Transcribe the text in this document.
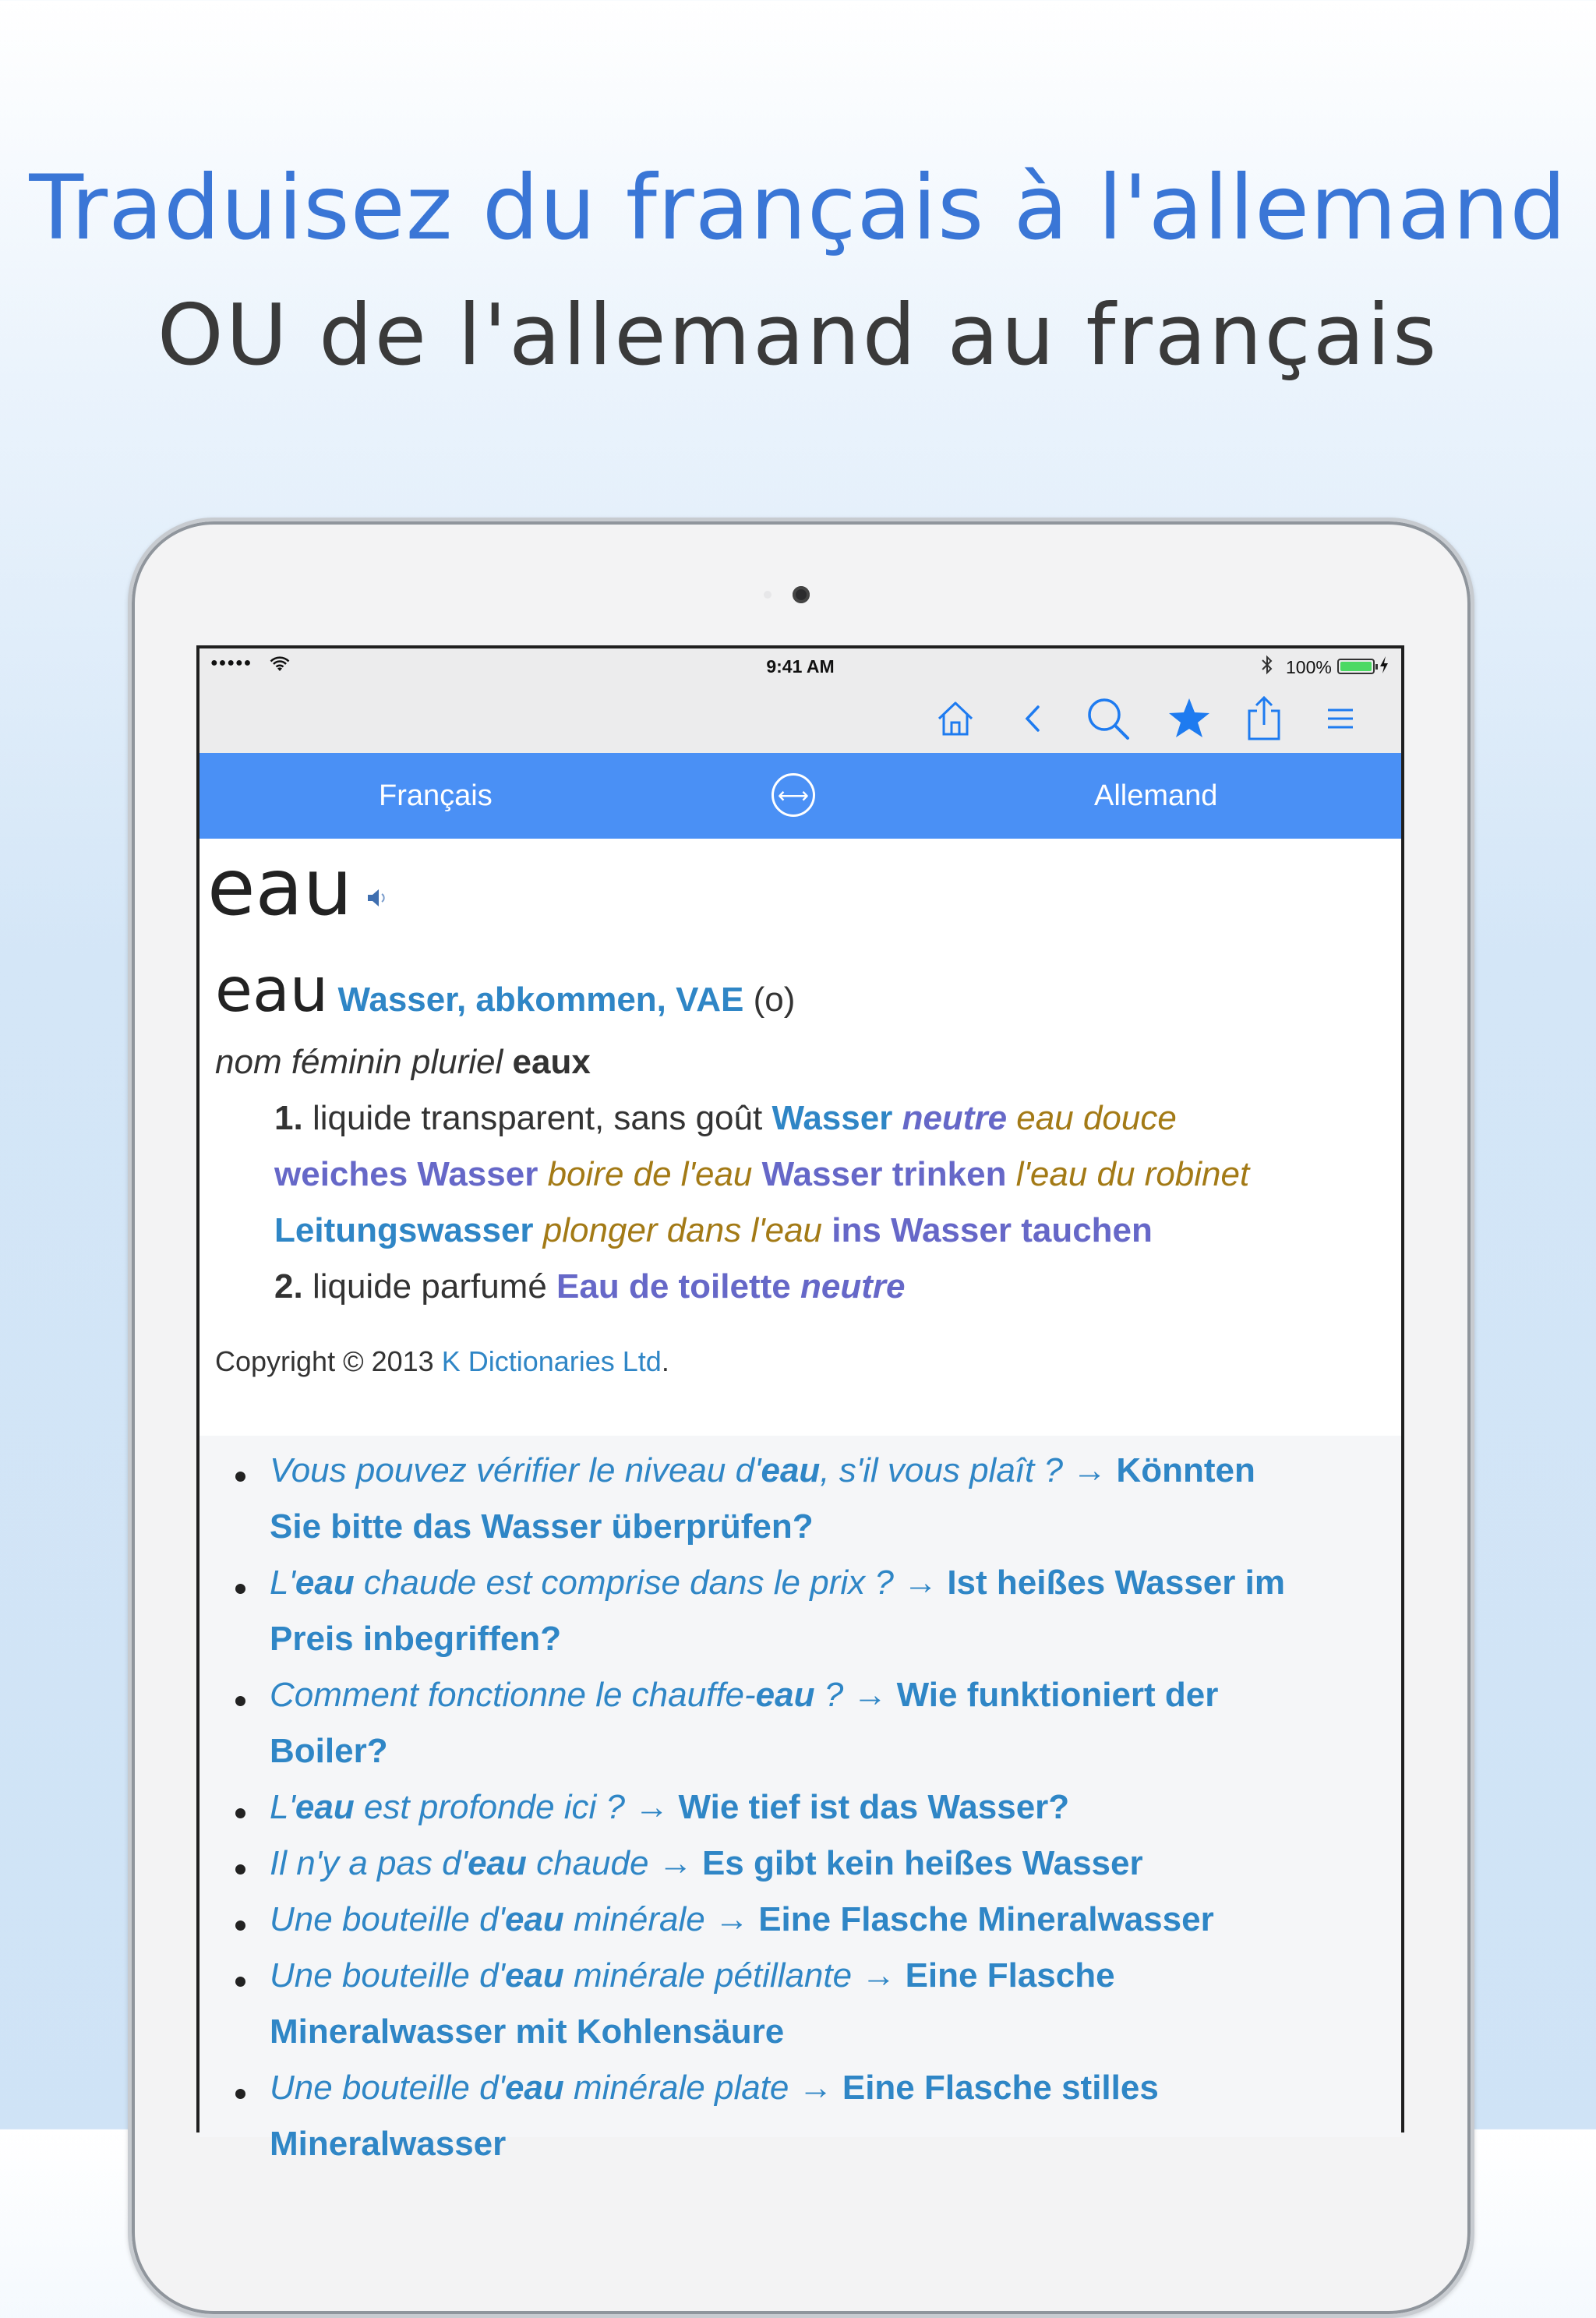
Traduisez du français à l'allemand
OU de l'allemand au français
●●●●●	9:41 AM	100%
Français	⟷	Allemand
eau
eau Wasser, abkommen, VAE (o)
nom féminin pluriel eaux
1. liquide transparent, sans goût Wasser neutre eau douce
weiches Wasser boire de l'eau Wasser trinken l'eau du robinet
Leitungswasser plonger dans l'eau ins Wasser tauchen
2. liquide parfumé Eau de toilette neutre
Copyright © 2013 K Dictionaries Ltd.
Vous pouvez vérifier le niveau d'eau, s'il vous plaît ? → Könnten
Sie bitte das Wasser überprüfen?
L'eau chaude est comprise dans le prix ? → Ist heißes Wasser im
Preis inbegriffen?
Comment fonctionne le chauffe-eau ? → Wie funktioniert der
Boiler?
L'eau est profonde ici ? → Wie tief ist das Wasser?
Il n'y a pas d'eau chaude → Es gibt kein heißes Wasser
Une bouteille d'eau minérale → Eine Flasche Mineralwasser
Une bouteille d'eau minérale pétillante → Eine Flasche
Mineralwasser mit Kohlensäure
Une bouteille d'eau minérale plate → Eine Flasche stilles
Mineralwasser
